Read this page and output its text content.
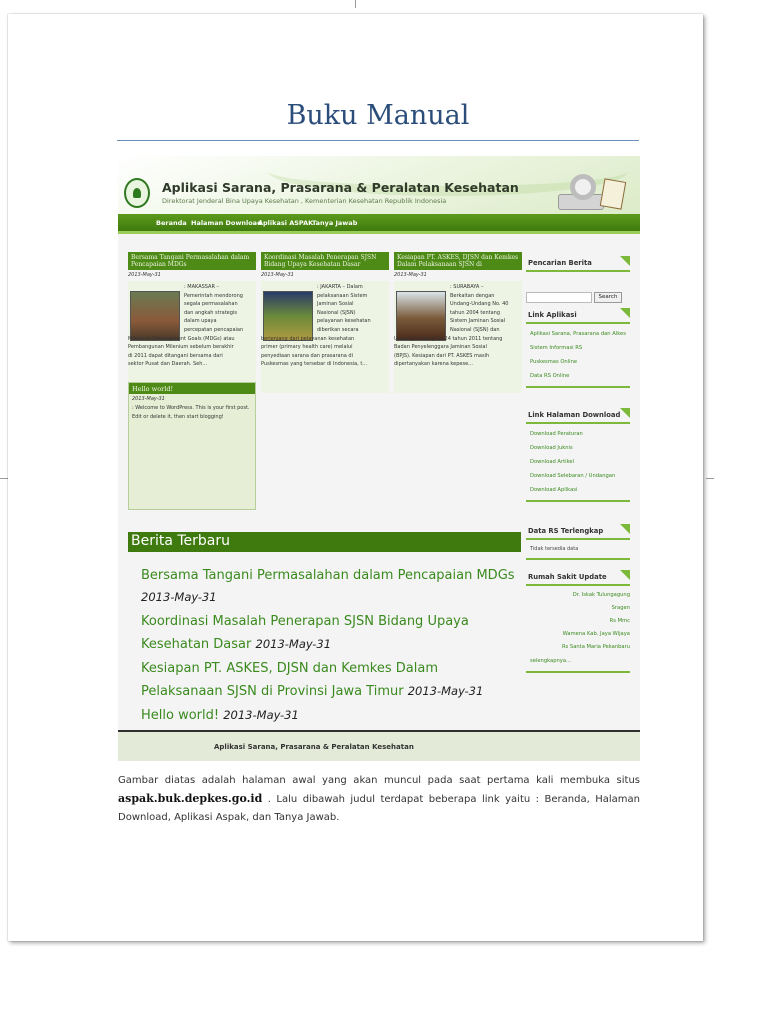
Buku Manual
Aplikasi Sarana, Prasarana & Peralatan Kesehatan
Direktorat Jenderal Bina Upaya Kesehatan , Kementerian Kesehatan Republik Indonesia
Beranda Halaman Download
Aplikasi ASPAK
Tanya Jawab
Bersama Tangani Permasalahan dalam Pencapaian MDGs
2013-May-31
: MAKASSAR –
Pemerintah mendorong
segala permasalahan
dan angkah strategis
dalam upaya
percepatan pencapaian
Milenium Development Goals (MDGs) atau
Pembangunan Milenium sebelum berakhir
di 2011 dapat ditangani bersama dari
sektor Pusat dan Daerah. Seh...
Koordinasi Masalah Penerapan SJSN Bidang Upaya Kesehatan Dasar
2013-May-31
: JAKARTA – Dalam
pelaksanaan Sistem
Jaminan Sosial
Nasional (SJSN)
pelayanan kesehatan
diberikan secara
berjenjang dari pelayanan kesehatan
primer (primary health care) melalui
penyediaan sarana dan prasarana di
Puskesmas yang tersebar di Indonesia, t...
Kesiapan PT. ASKES, DJSN dan Kemkes Dalam Pelaksanaan SJSN di
2013-May-31
: SURABAYA –
Berkaitan dengan
Undang-Undang No. 40
tahun 2004 tentang
Sistem Jaminan Sosial
Nasional (SJSN) dan
Undang-Undang No.24 tahun 2011 tentang
Badan Penyelenggara Jaminan Sosial
(BPJS). Kesiapan dari PT. ASKES masih
dipertanyakan karena kepese...
Hello world!
2013-May-31
: Welcome to WordPress. This is your first post. Edit or delete it, then start blogging!
Berita Terbaru
Bersama Tangani Permasalahan dalam Pencapaian MDGs
2013-May-31
Koordinasi Masalah Penerapan SJSN Bidang Upaya
Kesehatan Dasar 2013-May-31
Kesiapan PT. ASKES, DJSN dan Kemkes Dalam
Pelaksanaan SJSN di Provinsi Jawa Timur 2013-May-31
Hello world! 2013-May-31
Pencarian Berita
Search
Link Aplikasi
Aplikasi Sarana, Prasarana dan Alkes
Sistem Informasi RS
Puskesmas Online
Data RS Online
Link Halaman Download
Download Peraturan
Download Juknis
Download Artikel
Download Selebaran / Undangan
Download Aplikasi
Data RS Terlengkap
Tidak tersedia data
Rumah Sakit Update
Dr. Iskak Tulungagung
Sragen
Rs Mmc
Wamena Kab. Jaya Wijaya
Rs Santa Maria Pekanbaru
selengkapnya...
Aplikasi Sarana, Prasarana & Peralatan Kesehatan
Gambar diatas adalah halaman awal yang akan muncul pada saat pertama kali membuka situs aspak.buk.depkes.go.id . Lalu dibawah judul terdapat beberapa link yaitu : Beranda, Halaman Download, Aplikasi Aspak, dan Tanya Jawab.
